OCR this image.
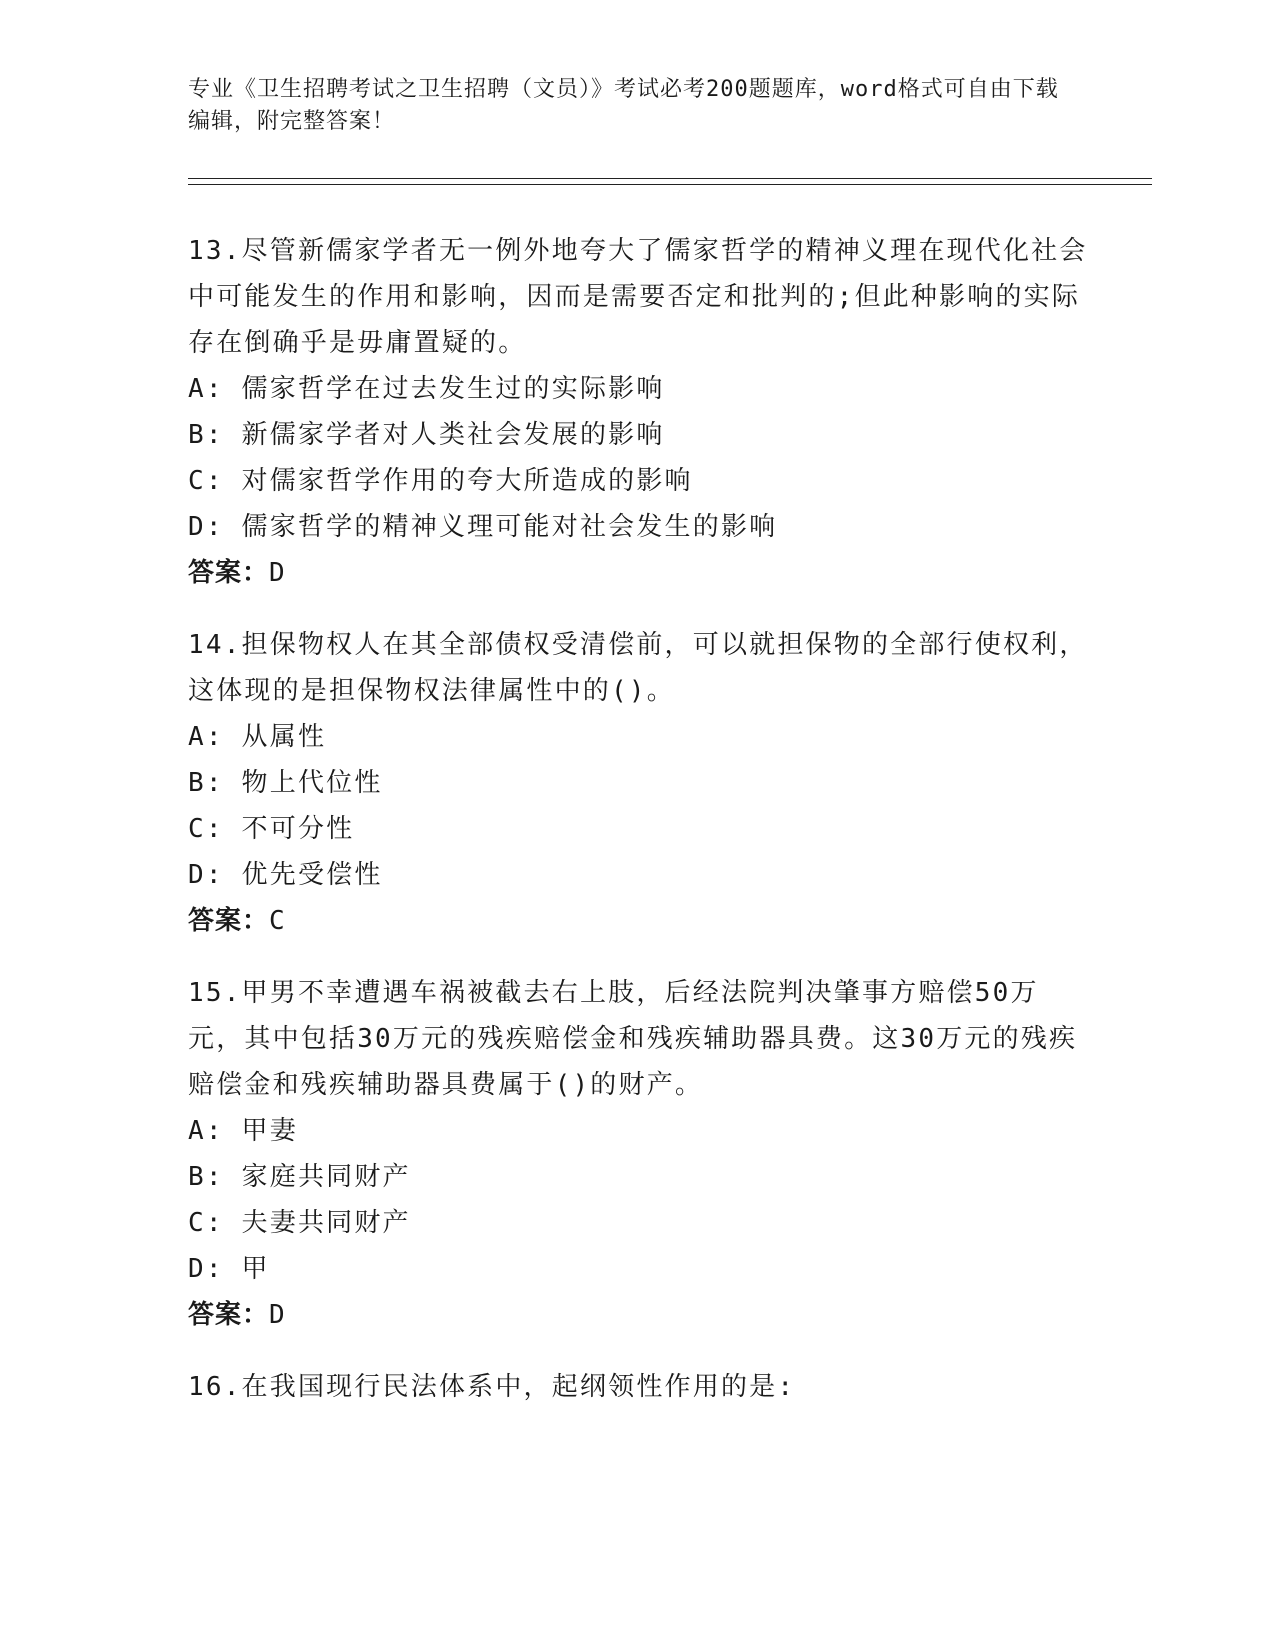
专业《卫生招聘考试之卫生招聘（文员）》考试必考200题题库，word格式可自由下载编辑，附完整答案！

13.尽管新儒家学者无一例外地夸大了儒家哲学的精神义理在现代化社会中可能发生的作用和影响，因而是需要否定和批判的;但此种影响的实际存在倒确乎是毋庸置疑的。

A: 儒家哲学在过去发生过的实际影响

B: 新儒家学者对人类社会发展的影响

C: 对儒家哲学作用的夸大所造成的影响

D: 儒家哲学的精神义理可能对社会发生的影响

答案：D

14.担保物权人在其全部债权受清偿前，可以就担保物的全部行使权利，这体现的是担保物权法律属性中的()。

A: 从属性

B: 物上代位性

C: 不可分性

D: 优先受偿性

答案：C

15.甲男不幸遭遇车祸被截去右上肢，后经法院判决肇事方赔偿50万元，其中包括30万元的残疾赔偿金和残疾辅助器具费。这30万元的残疾赔偿金和残疾辅助器具费属于()的财产。

A: 甲妻

B: 家庭共同财产

C: 夫妻共同财产

D: 甲

答案：D

16.在我国现行民法体系中，起纲领性作用的是:
